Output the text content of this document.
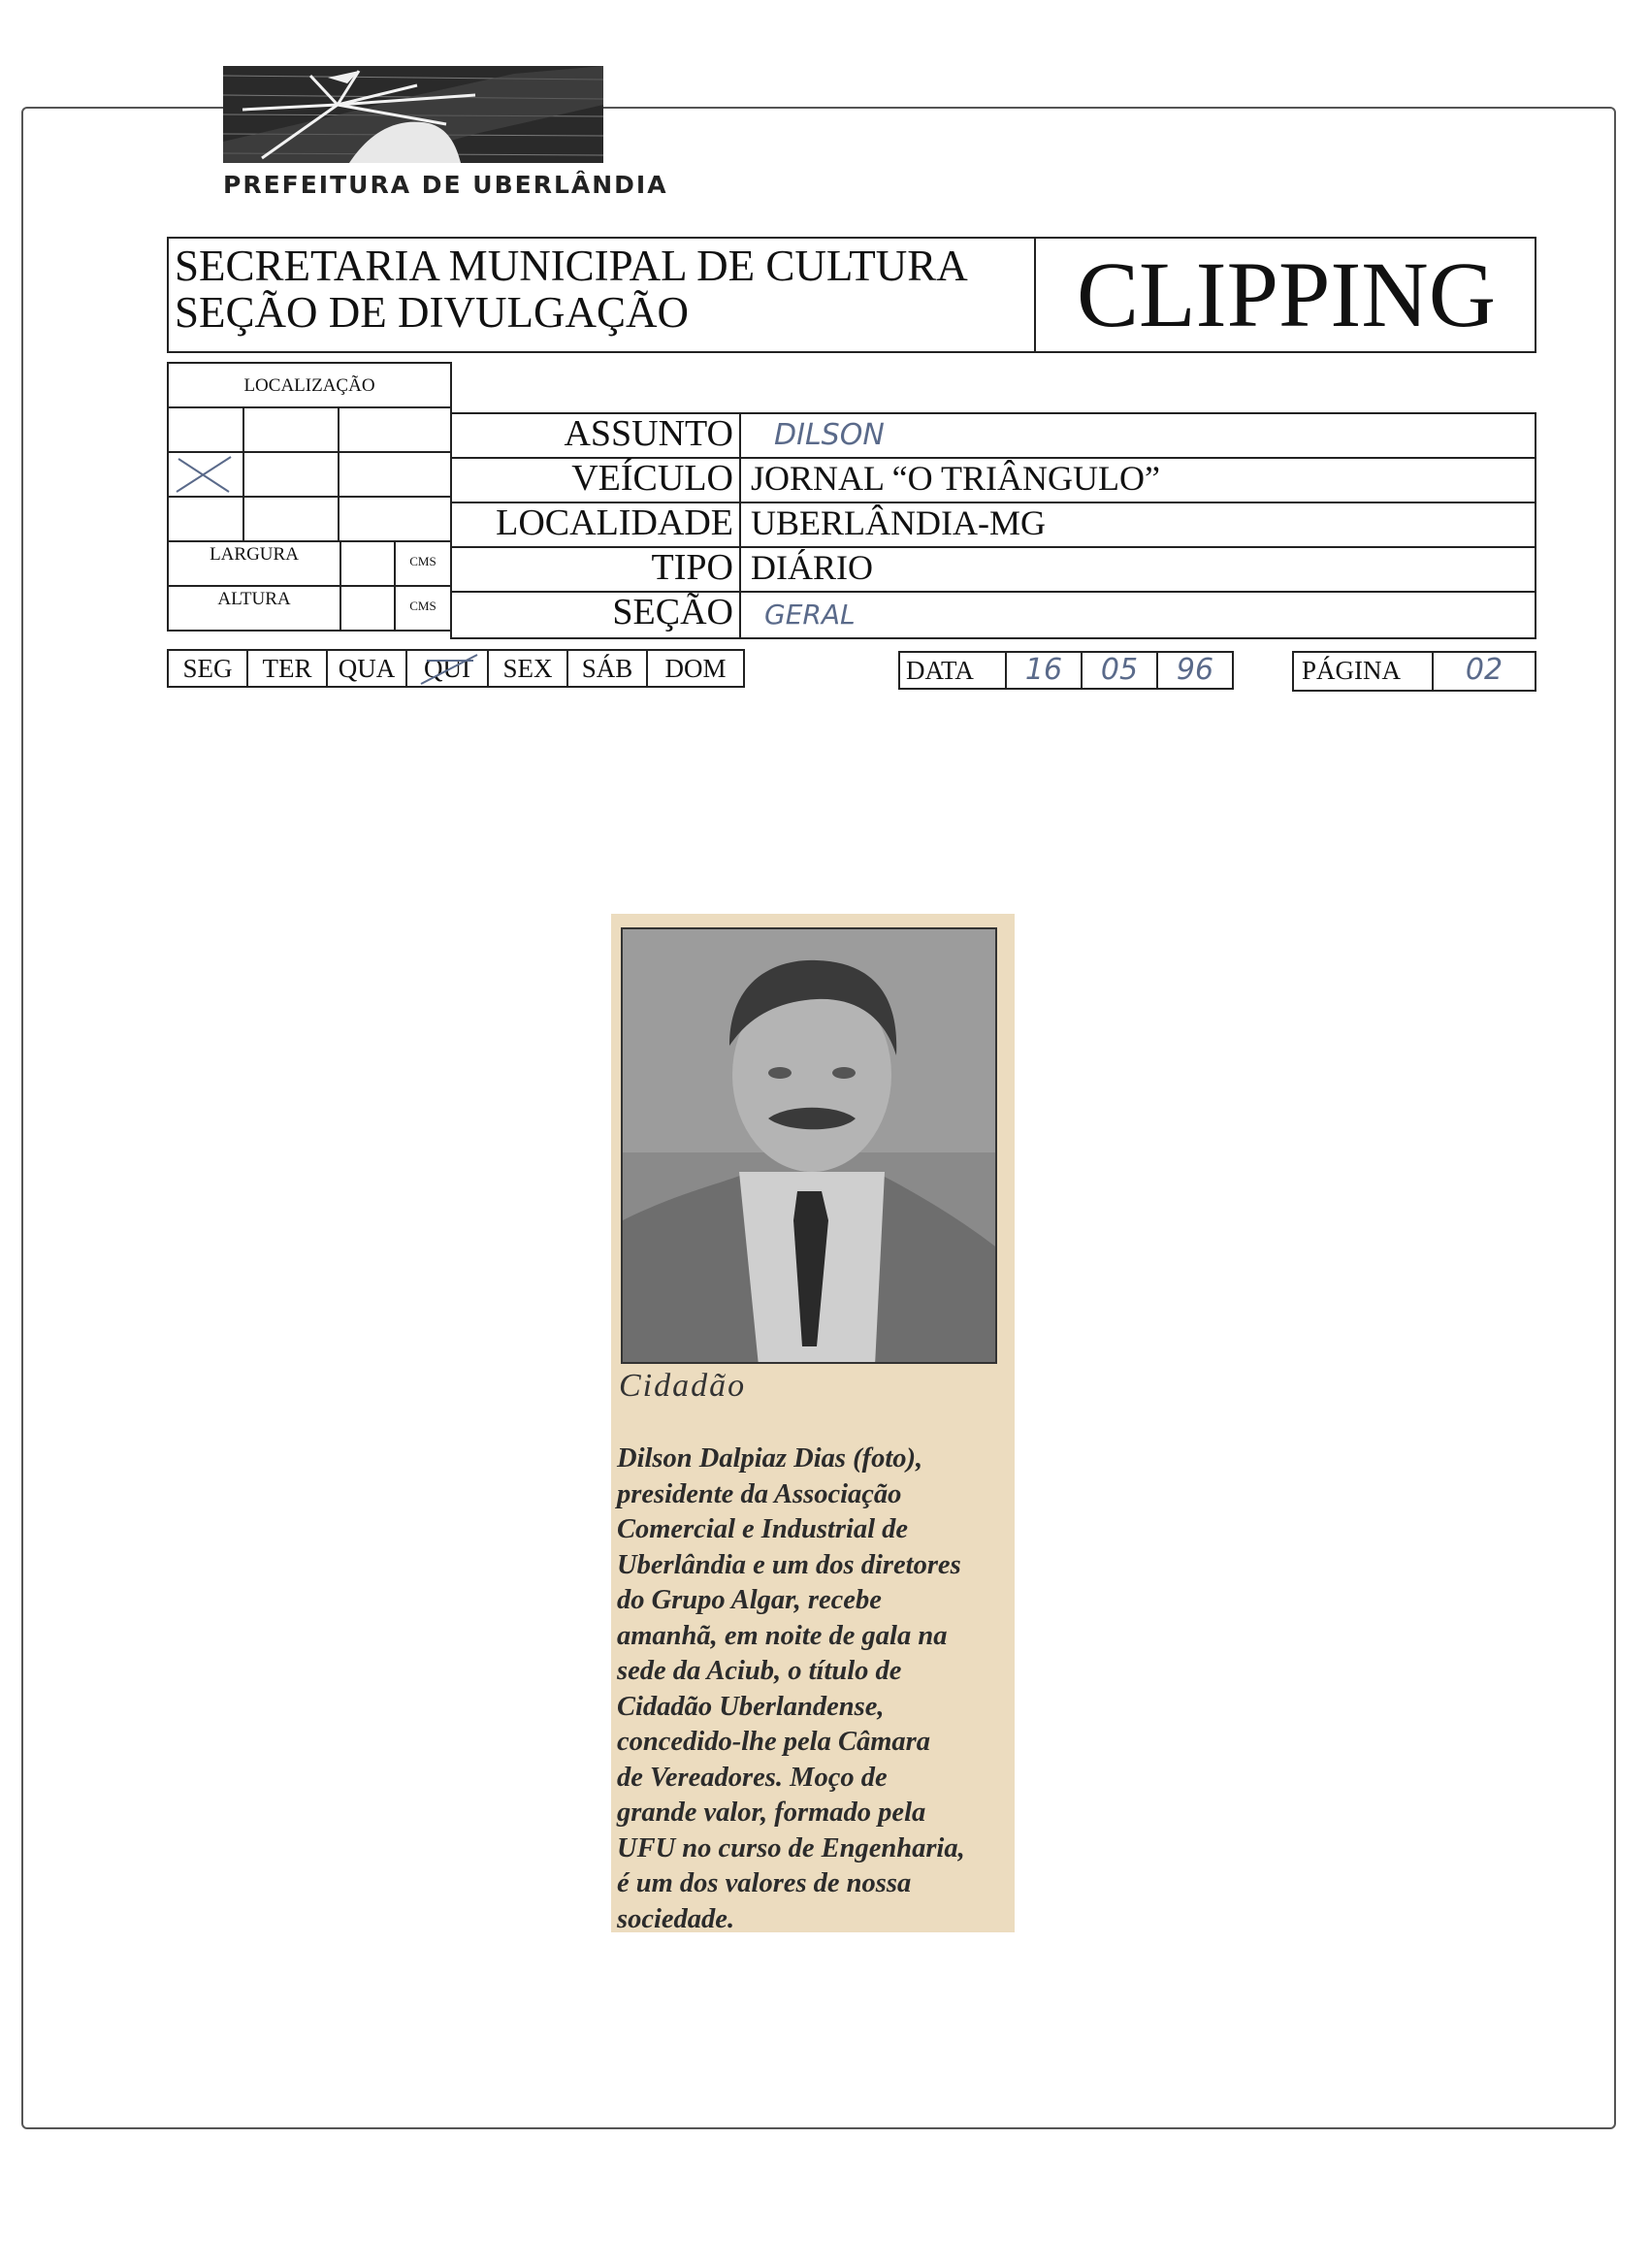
PREFEITURA DE UBERLÂNDIA
SECRETARIA MUNICIPAL DE CULTURA
SEÇÃO DE DIVULGAÇÃO	CLIPPING
LOCALIZAÇÃO
LARGURA	CMS
ALTURA	CMS
ASSUNTO DILSON
VEÍCULO JORNAL “O TRIÂNGULO”
LOCALIDADE UBERLÂNDIA-MG
TIPO DIÁRIO
SEÇÃO GERAL
SEG	TER	QUA	QUI	SEX	SÁB	DOM	DATA	16	05	96	PÁGINA	02
Cidadão
Dilson Dalpiaz Dias (foto),
presidente da Associação
Comercial e Industrial de
Uberlândia e um dos diretores
do Grupo Algar, recebe
amanhã, em noite de gala na
sede da Aciub, o título de
Cidadão Uberlandense,
concedido-lhe pela Câmara
de Vereadores. Moço de
grande valor, formado pela
UFU no curso de Engenharia,
é um dos valores de nossa
sociedade.
